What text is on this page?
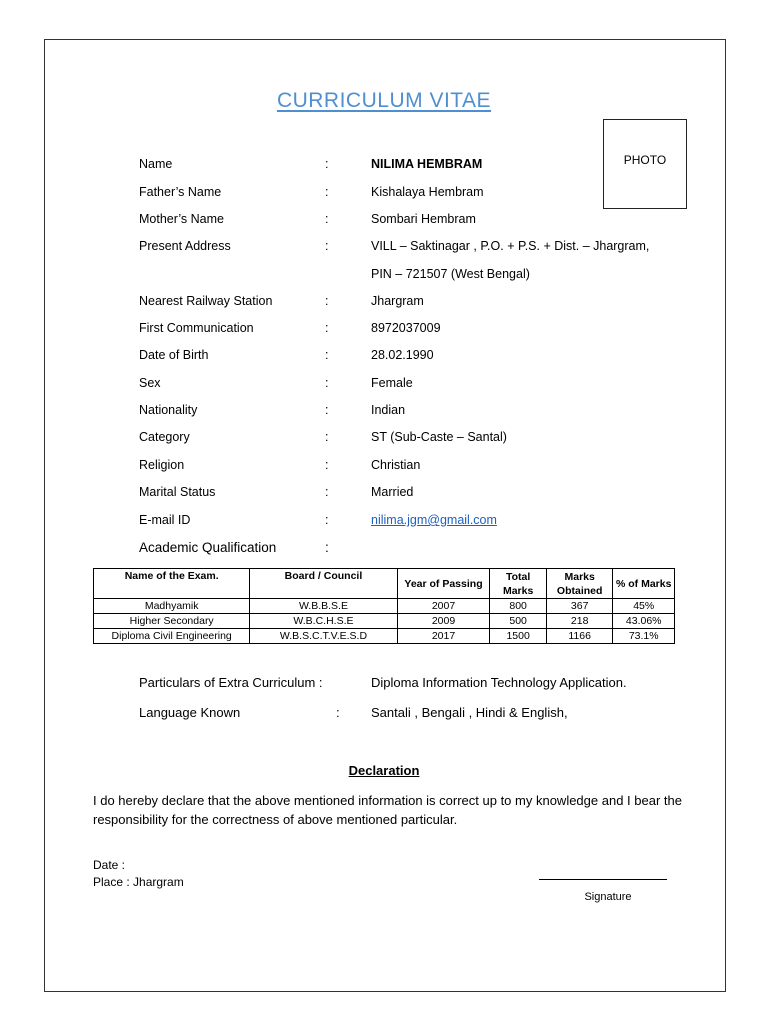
CURRICULUM VITAE
PHOTO
Name	:	NILIMA HEMBRAM
Father’s Name	:	Kishalaya Hembram
Mother’s Name	:	Sombari Hembram
Present Address	:	VILL – Saktinagar , P.O. + P.S. + Dist. – Jhargram,
PIN – 721507 (West Bengal)
Nearest Railway Station	:	Jhargram
First Communication	:	8972037009
Date of Birth	:	28.02.1990
Sex	:	Female
Nationality	:	Indian
Category	:	ST (Sub-Caste – Santal)
Religion	:	Christian
Marital Status	:	Married
E-mail ID	:	nilima.jgm@gmail.com
Academic Qualification	:
Name of the Exam.	Board / Council	Year of Passing	Total Marks	Marks Obtained	% of Marks
Madhyamik	W.B.B.S.E	2007	800	367	45%
Higher Secondary	W.B.C.H.S.E	2009	500	218	43.06%
Diploma Civil Engineering	W.B.S.C.T.V.E.S.D	2017	1500	1166	73.1%
Particulars of Extra Curriculum :	Diploma Information Technology Application.
Language Known	: Santali , Bengali , Hindi & English,
Declaration
I do hereby declare that the above mentioned information is correct up to my knowledge and I bear the responsibility for the correctness of above mentioned particular.
Date :
Place : Jhargram
Signature
